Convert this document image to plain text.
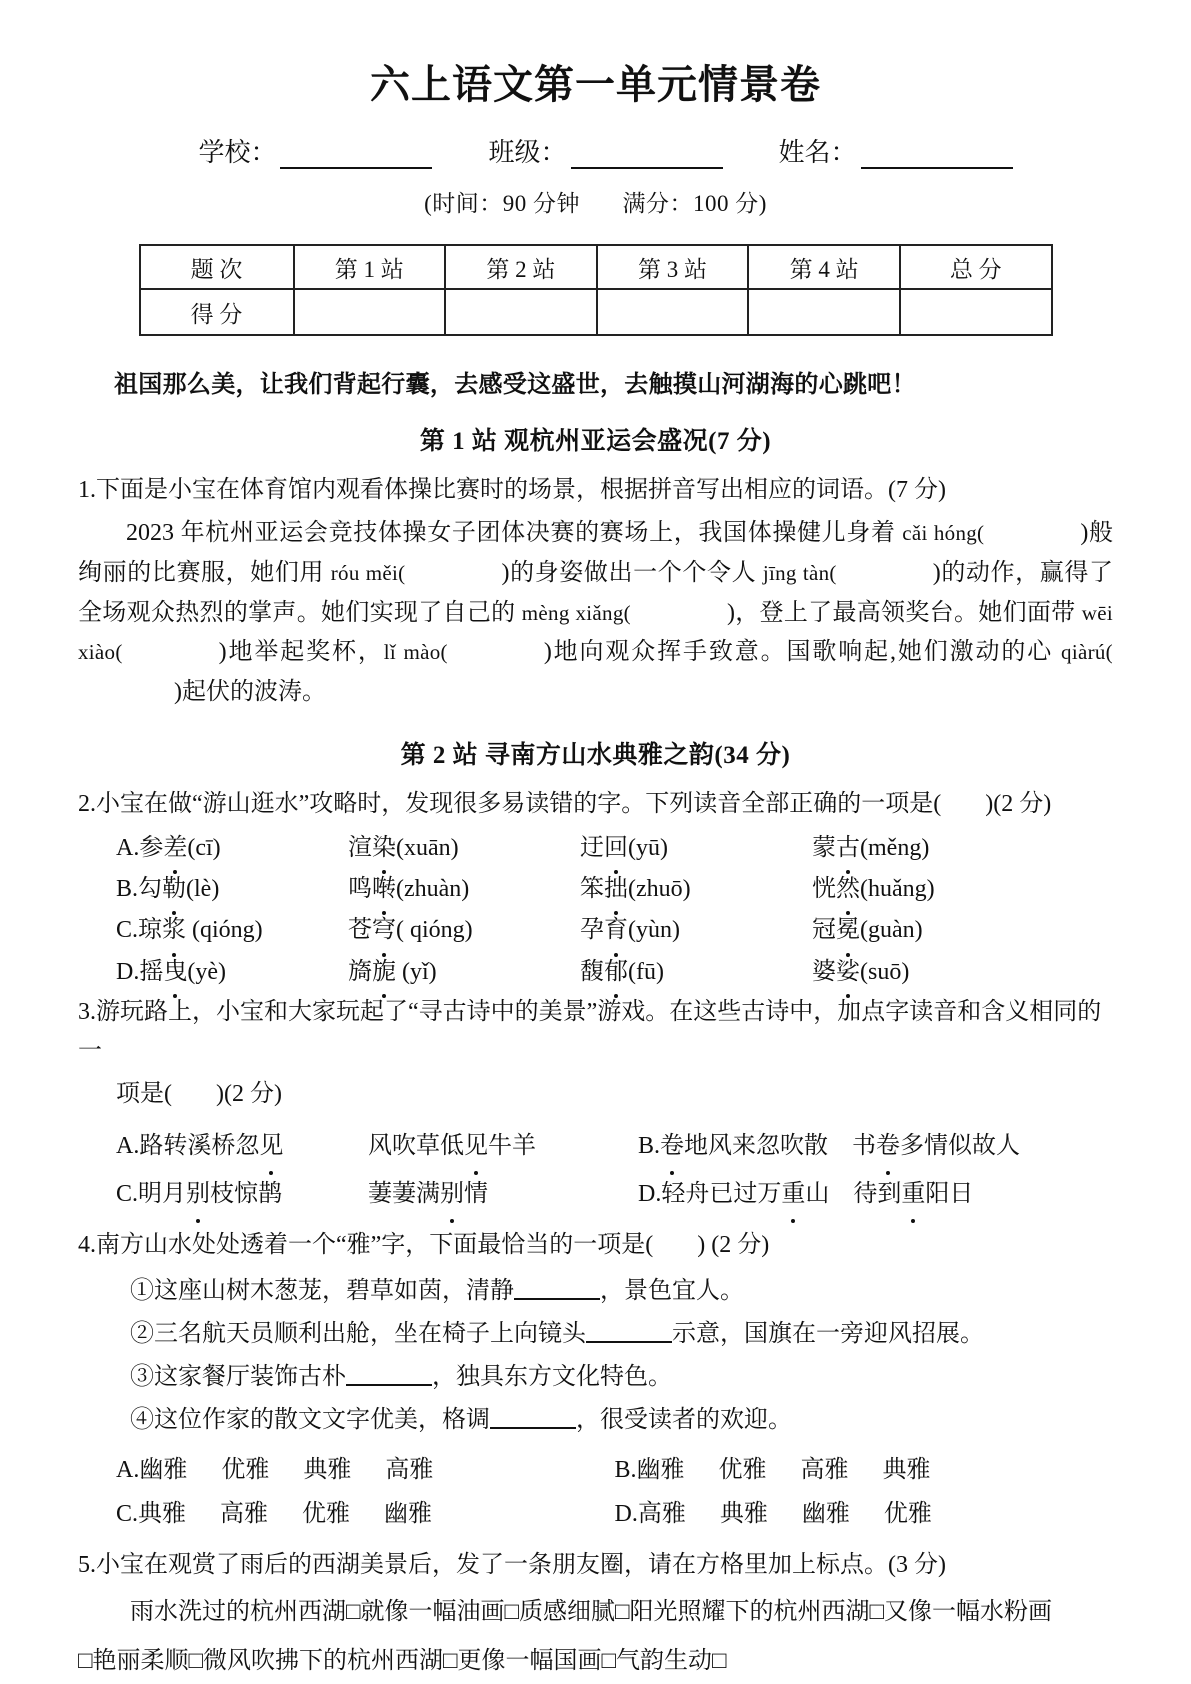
六上语文第一单元情景卷
学校：	班级：	姓名：
(时间：90 分钟 满分：100 分)
题 次	第 1 站	第 2 站	第 3 站	第 4 站	总 分
得 分					
祖国那么美，让我们背起行囊，去感受这盛世，去触摸山河湖海的心跳吧！
第 1 站 观杭州亚运会盛况(7 分)
1.下面是小宝在体育馆内观看体操比赛时的场景，根据拼音写出相应的词语。(7 分)
2023 年杭州亚运会竞技体操女子团体决赛的赛场上，我国体操健儿身着 cǎi hóng(	)般绚丽的比赛服，她们用 róu měi(	)的身姿做出一个个令人 jīng tàn(	)的动作，赢得了全场观众热烈的掌声。她们实现了自己的 mèng xiǎng(	)，登上了最高领奖台。她们面带 wēi xiào(	)地举起奖杯，lǐ mào(	)地向观众挥手致意。国歌响起,她们激动的心 qiàrú()起伏的波涛。
第 2 站 寻南方山水典雅之韵(34 分)
2.小宝在做“游山逛水”攻略时，发现很多易读错的字。下列读音全部正确的一项是( )(2 分)
A.参差(cī)	渲染(xuān)	迂回(yū)	蒙古(měng)
B.勾勒(lè)	鸣啭(zhuàn)	笨拙(zhuō)	恍然(huǎng)
C.琼浆 (qióng)	苍穹( qióng)	孕育(yùn)	冠冕(guàn)
D.摇曳(yè)	旖旎 (yǐ)	馥郁(fū)	婆娑(suō)
3.游玩路上，小宝和大家玩起了“寻古诗中的美景”游戏。在这些古诗中，加点字读音和含义相同的一
项是( )(2 分)
A.路转溪桥忽见	风吹草低见牛羊	B.卷地风来忽吹散 书卷多情似故人
C.明月别枝惊鹊	萋萋满别情	D.轻舟已过万重山 待到重阳日
4.南方山水处处透着一个“雅”字，下面最恰当的一项是( ) (2 分)
①这座山树木葱茏，碧草如茵，清静	，景色宜人。
②三名航天员顺利出舱，坐在椅子上向镜头	示意，国旗在一旁迎风招展。
③这家餐厅装饰古朴	，独具东方文化特色。
④这位作家的散文文字优美，格调	，很受读者的欢迎。
A.幽雅 优雅 典雅 高雅	B.幽雅 优雅 高雅 典雅
C.典雅 高雅 优雅 幽雅	D.高雅 典雅 幽雅 优雅
5.小宝在观赏了雨后的西湖美景后，发了一条朋友圈，请在方格里加上标点。(3 分)
雨水洗过的杭州西湖□就像一幅油画□质感细腻□阳光照耀下的杭州西湖□又像一幅水粉画
□艳丽柔顺□微风吹拂下的杭州西湖□更像一幅国画□气韵生动□
